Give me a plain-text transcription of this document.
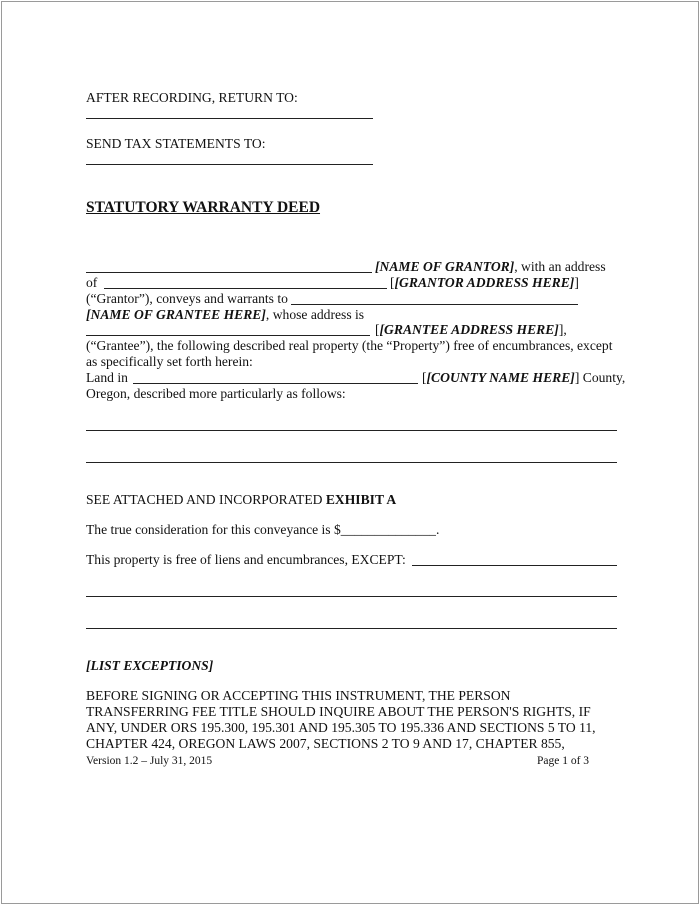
AFTER RECORDING, RETURN TO:
SEND TAX STATEMENTS TO:
STATUTORY WARRANTY DEED
[NAME OF GRANTOR], with an address
of	[[GRANTOR ADDRESS HERE]]
(“Grantor”), conveys and warrants to
[NAME OF GRANTEE HERE], whose address is
[[GRANTEE ADDRESS HERE]],
(“Grantee”), the following described real property (the “Property”) free of encumbrances, except
as specifically set forth herein:
Land in	[[COUNTY NAME HERE]] County,
Oregon, described more particularly as follows:
SEE ATTACHED AND INCORPORATED EXHIBIT A
The true consideration for this conveyance is $______________.
This property is free of liens and encumbrances, EXCEPT:
[LIST EXCEPTIONS]
BEFORE SIGNING OR ACCEPTING THIS INSTRUMENT, THE PERSON
TRANSFERRING FEE TITLE SHOULD INQUIRE ABOUT THE PERSON'S RIGHTS, IF
ANY, UNDER ORS 195.300, 195.301 AND 195.305 TO 195.336 AND SECTIONS 5 TO 11,
CHAPTER 424, OREGON LAWS 2007, SECTIONS 2 TO 9 AND 17, CHAPTER 855,
Version 1.2 – July 31, 2015	Page 1 of 3
